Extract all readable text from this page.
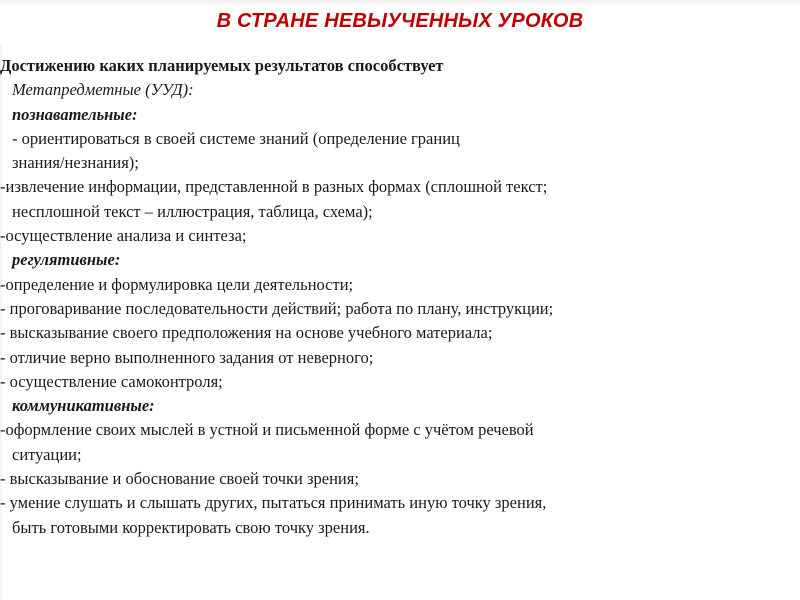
В СТРАНЕ НЕВЫУЧЕННЫХ УРОКОВ
Достижению каких планируемых результатов способствует
Метапредметные (УУД):
познавательные:
- ориентироваться в своей системе знаний (определение границ
знания/незнания);
-извлечение информации, представленной в разных формах (сплошной текст;
несплошной текст – иллюстрация, таблица, схема);
-осуществление анализа и синтеза;
регулятивные:
-определение и формулировка цели деятельности;
- проговаривание последовательности действий; работа по плану, инструкции;
- высказывание своего предположения на основе учебного материала;
- отличие верно выполненного задания от неверного;
- осуществление самоконтроля;
коммуникативные:
-оформление своих мыслей в устной и письменной форме с учётом речевой
ситуации;
- высказывание и обоснование своей точки зрения;
- умение слушать и слышать других, пытаться принимать иную точку зрения,
быть готовыми корректировать свою точку зрения.
